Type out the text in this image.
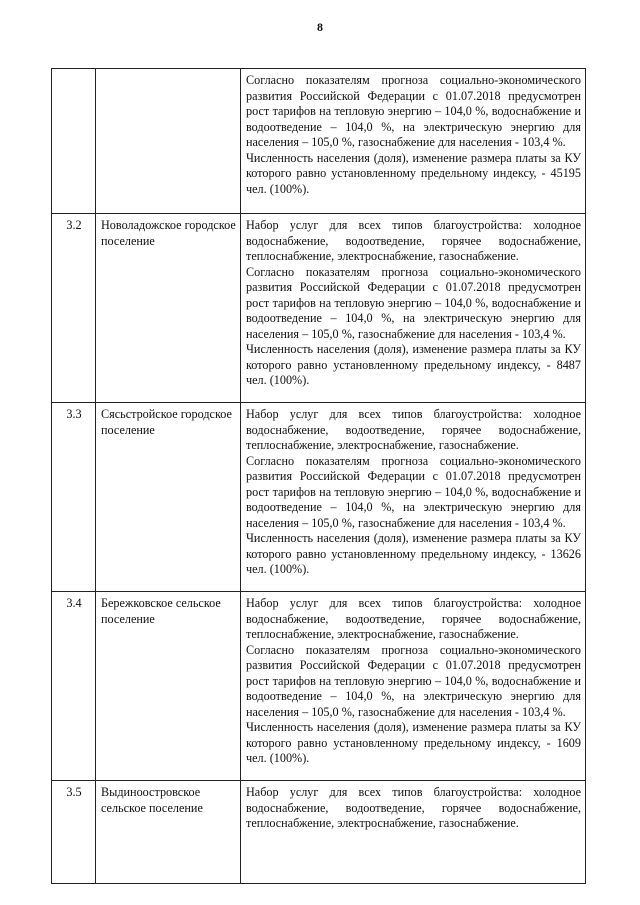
8

		Согласно показателям прогноза социально-экономического развития Российской Федерации с 01.07.2018 предусмотрен рост тарифов на тепловую энергию – 104,0 %, водоснабжение и водоотведение – 104,0 %, на электрическую энергию для населения – 105,0 %, газоснабжение для населения - 103,4 %.

Численность населения (доля), изменение размера платы за КУ которого равно установленному предельному индексу, - 45195 чел. (100%).

3.2	Новоладожское городское поселение	Набор услуг для всех типов благоустройства: холодное водоснабжение, водоотведение, горячее водоснабжение, теплоснабжение, электроснабжение, газоснабжение.

Согласно показателям прогноза социально-экономического развития Российской Федерации с 01.07.2018 предусмотрен рост тарифов на тепловую энергию – 104,0 %, водоснабжение и водоотведение – 104,0 %, на электрическую энергию для населения – 105,0 %, газоснабжение для населения - 103,4 %.

Численность населения (доля), изменение размера платы за КУ которого равно установленному предельному индексу, - 8487 чел. (100%).

3.3	Сясьстройское городское поселение	Набор услуг для всех типов благоустройства: холодное водоснабжение, водоотведение, горячее водоснабжение, теплоснабжение, электроснабжение, газоснабжение.

Согласно показателям прогноза социально-экономического развития Российской Федерации с 01.07.2018 предусмотрен рост тарифов на тепловую энергию – 104,0 %, водоснабжение и водоотведение – 104,0 %, на электрическую энергию для населения – 105,0 %, газоснабжение для населения - 103,4 %.

Численность населения (доля), изменение размера платы за КУ которого равно установленному предельному индексу, - 13626 чел. (100%).

3.4	Бережковское сельское поселение	Набор услуг для всех типов благоустройства: холодное водоснабжение, водоотведение, горячее водоснабжение, теплоснабжение, электроснабжение, газоснабжение.

Согласно показателям прогноза социально-экономического развития Российской Федерации с 01.07.2018 предусмотрен рост тарифов на тепловую энергию – 104,0 %, водоснабжение и водоотведение – 104,0 %, на электрическую энергию для населения – 105,0 %, газоснабжение для населения - 103,4 %.

Численность населения (доля), изменение размера платы за КУ которого равно установленному предельному индексу, - 1609 чел. (100%).

3.5	Выдиноостровское сельское поселение	Набор услуг для всех типов благоустройства: холодное водоснабжение, водоотведение, горячее водоснабжение, теплоснабжение, электроснабжение, газоснабжение.
